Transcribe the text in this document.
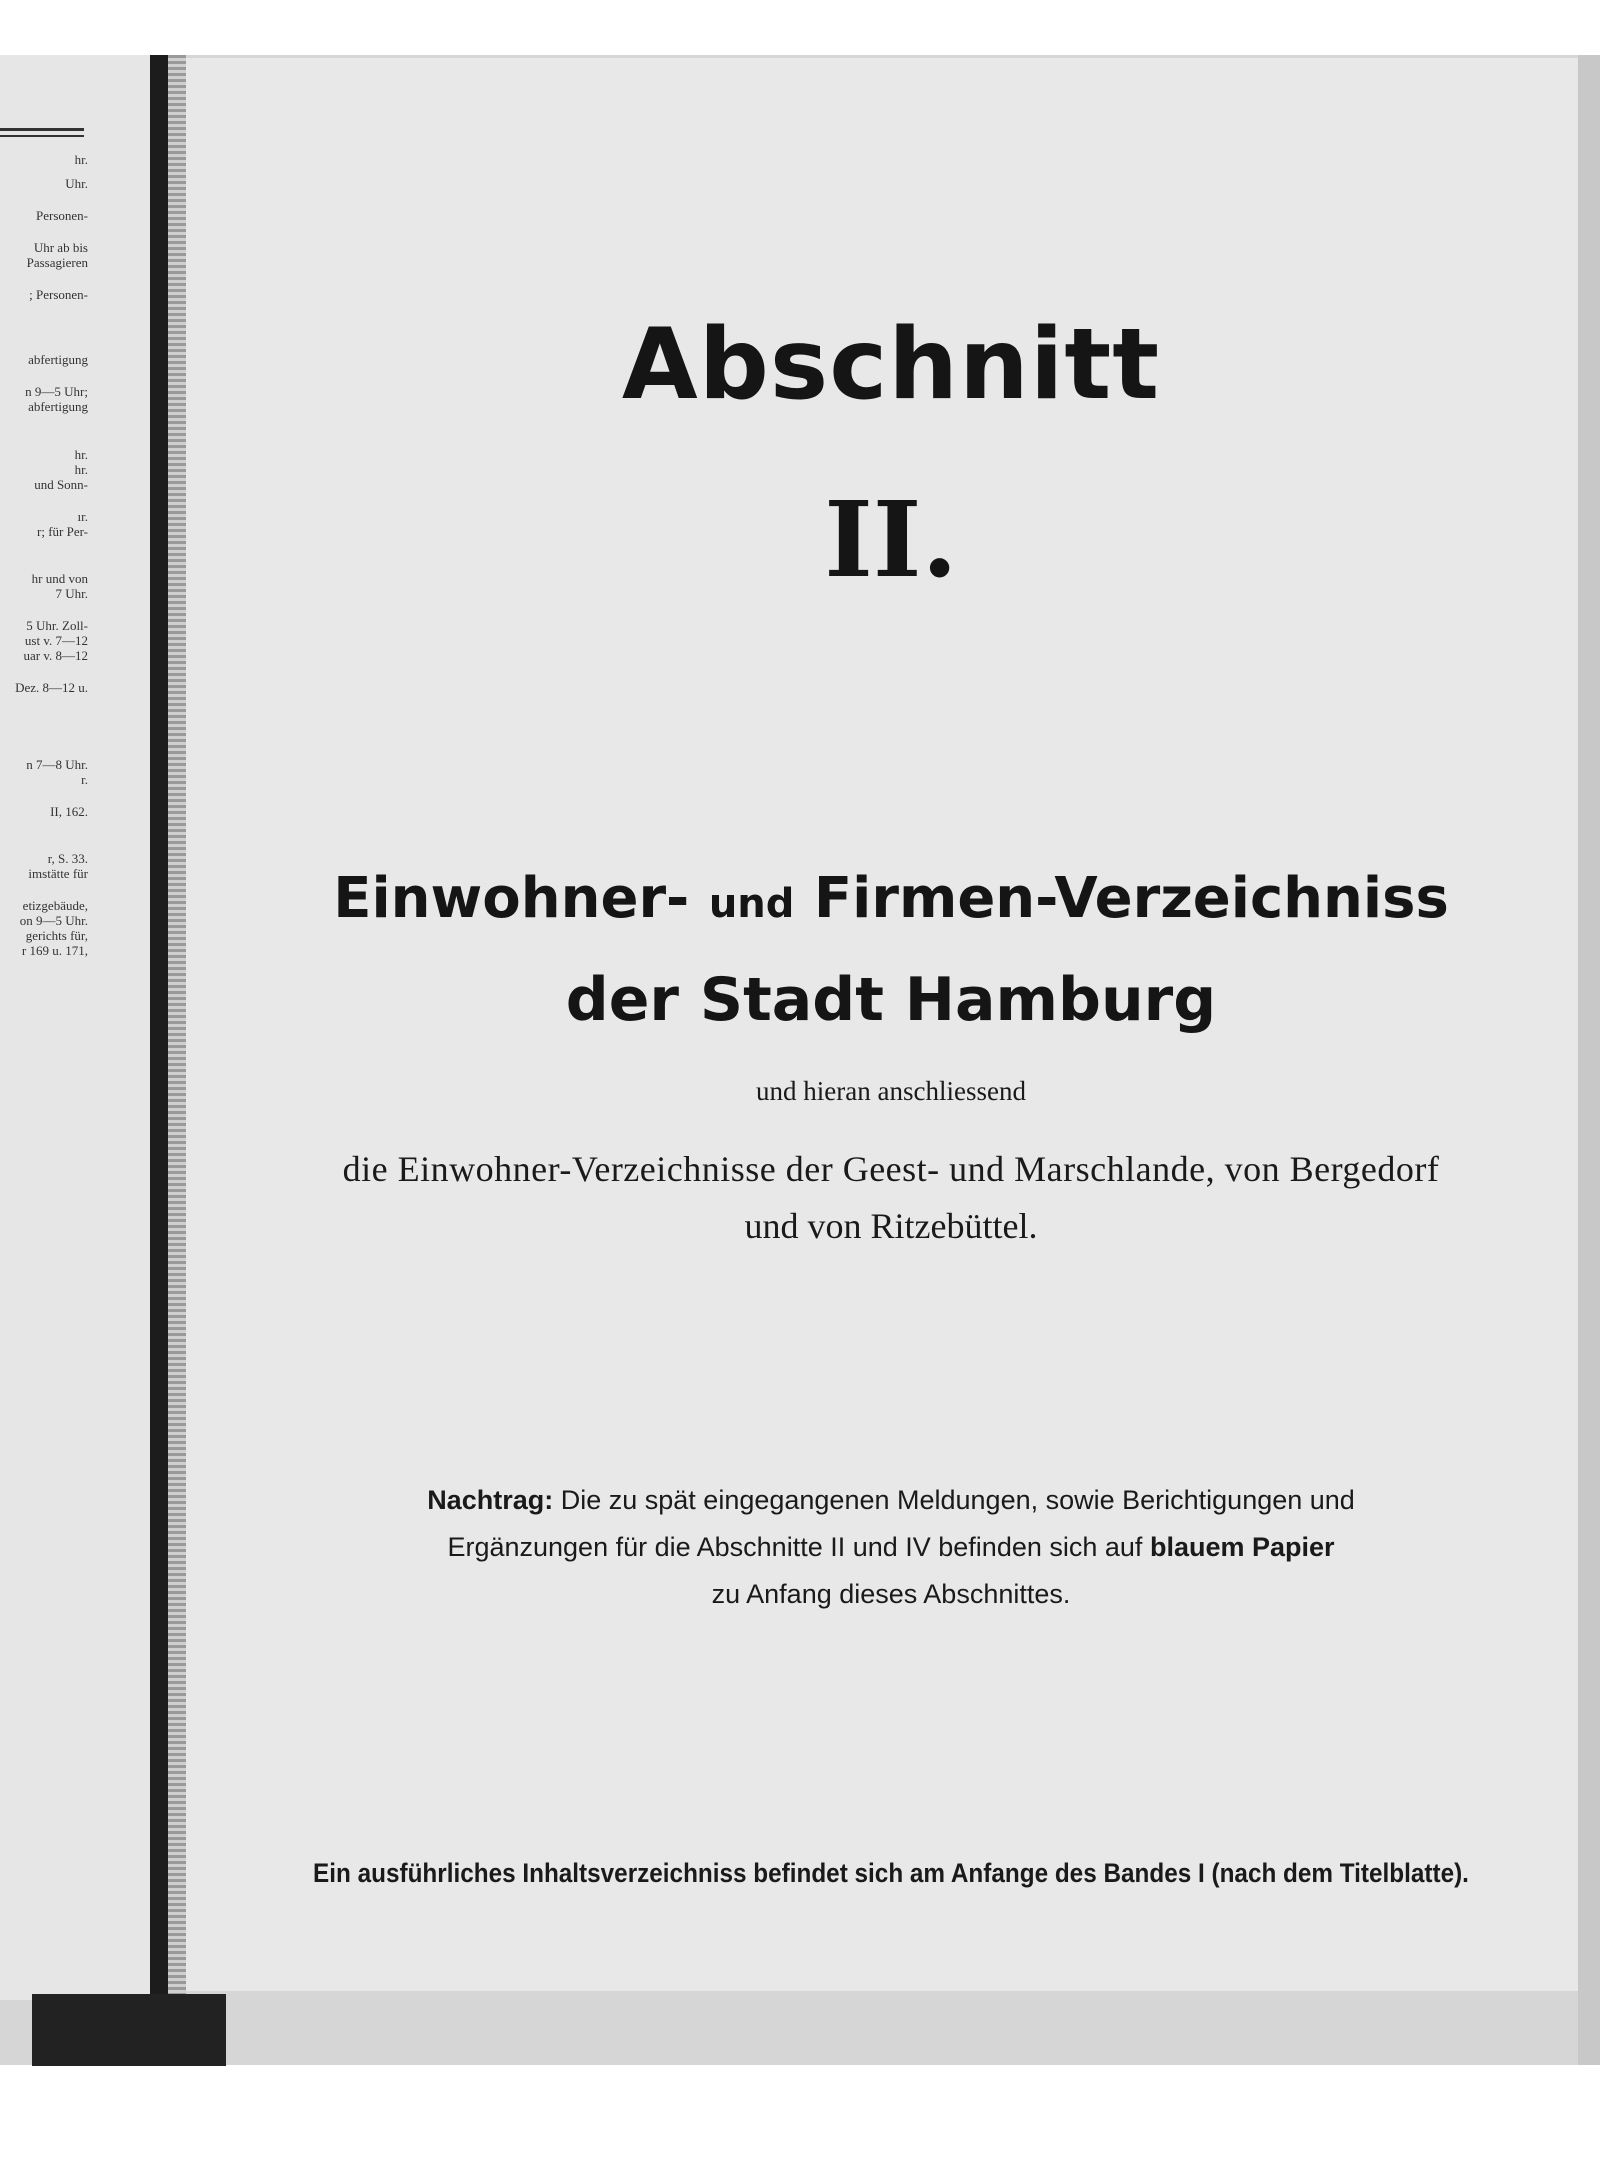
hr.
Uhr.
Personen-
Uhr ab bis
Passagieren
; Personen-
abfertigung
n 9—5 Uhr;
abfertigung
hr.
hr.
und Sonn-
ır.
r; für Per-
hr und von
7 Uhr.
5 Uhr. Zoll-
ust v. 7—12
uar v. 8—12
Dez. 8—12 u.
n 7—8 Uhr.
r.
II, 162.
r, S. 33.
imstätte für
etizgebäude,
on 9—5 Uhr.
gerichts für,
r 169 u. 171,
Abschnitt
II.
Einwohner- und Firmen-Verzeichniss
der Stadt Hamburg
und hieran anschliessend
die Einwohner-Verzeichnisse der Geest- und Marschlande, von Bergedorf
und von Ritzebüttel.
Nachtrag: Die zu spät eingegangenen Meldungen, sowie Berichtigungen und
Ergänzungen für die Abschnitte II und IV befinden sich auf blauem Papier
zu Anfang dieses Abschnittes.
Ein ausführliches Inhaltsverzeichniss befindet sich am Anfange des Bandes I (nach dem Titelblatte).
